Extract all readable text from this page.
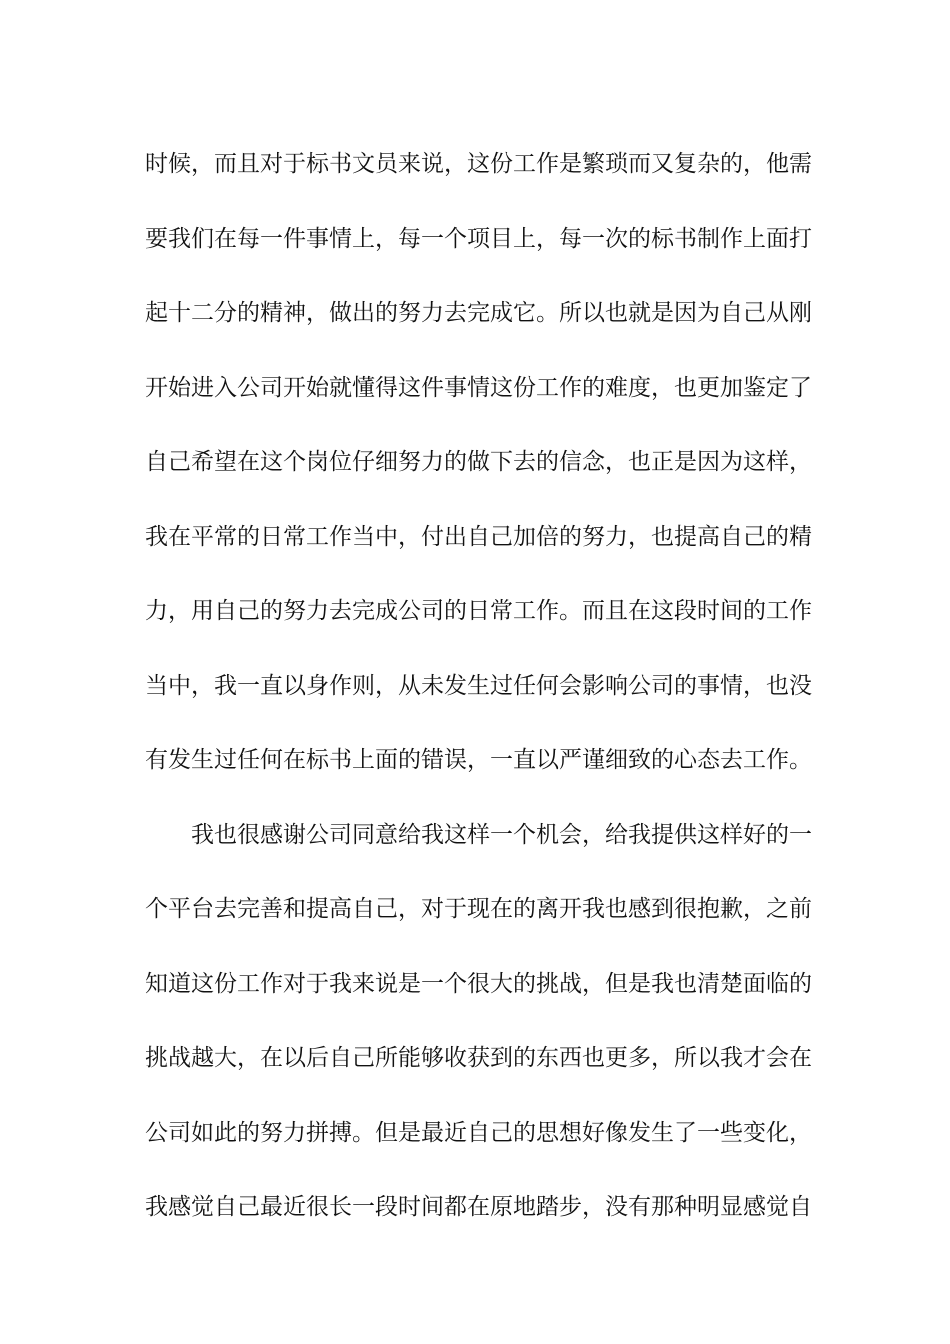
时候，而且对于标书文员来说，这份工作是繁琐而又复杂的，他需
要我们在每一件事情上，每一个项目上，每一次的标书制作上面打
起十二分的精神，做出的努力去完成它。所以也就是因为自己从刚
开始进入公司开始就懂得这件事情这份工作的难度，也更加鉴定了
自己希望在这个岗位仔细努力的做下去的信念，也正是因为这样，
我在平常的日常工作当中，付出自己加倍的努力，也提高自己的精
力，用自己的努力去完成公司的日常工作。而且在这段时间的工作
当中，我一直以身作则，从未发生过任何会影响公司的事情，也没
有发生过任何在标书上面的错误，一直以严谨细致的心态去工作。
我也很感谢公司同意给我这样一个机会，给我提供这样好的一
个平台去完善和提高自己，对于现在的离开我也感到很抱歉，之前
知道这份工作对于我来说是一个很大的挑战，但是我也清楚面临的
挑战越大，在以后自己所能够收获到的东西也更多，所以我才会在
公司如此的努力拼搏。但是最近自己的思想好像发生了一些变化，
我感觉自己最近很长一段时间都在原地踏步，没有那种明显感觉自
